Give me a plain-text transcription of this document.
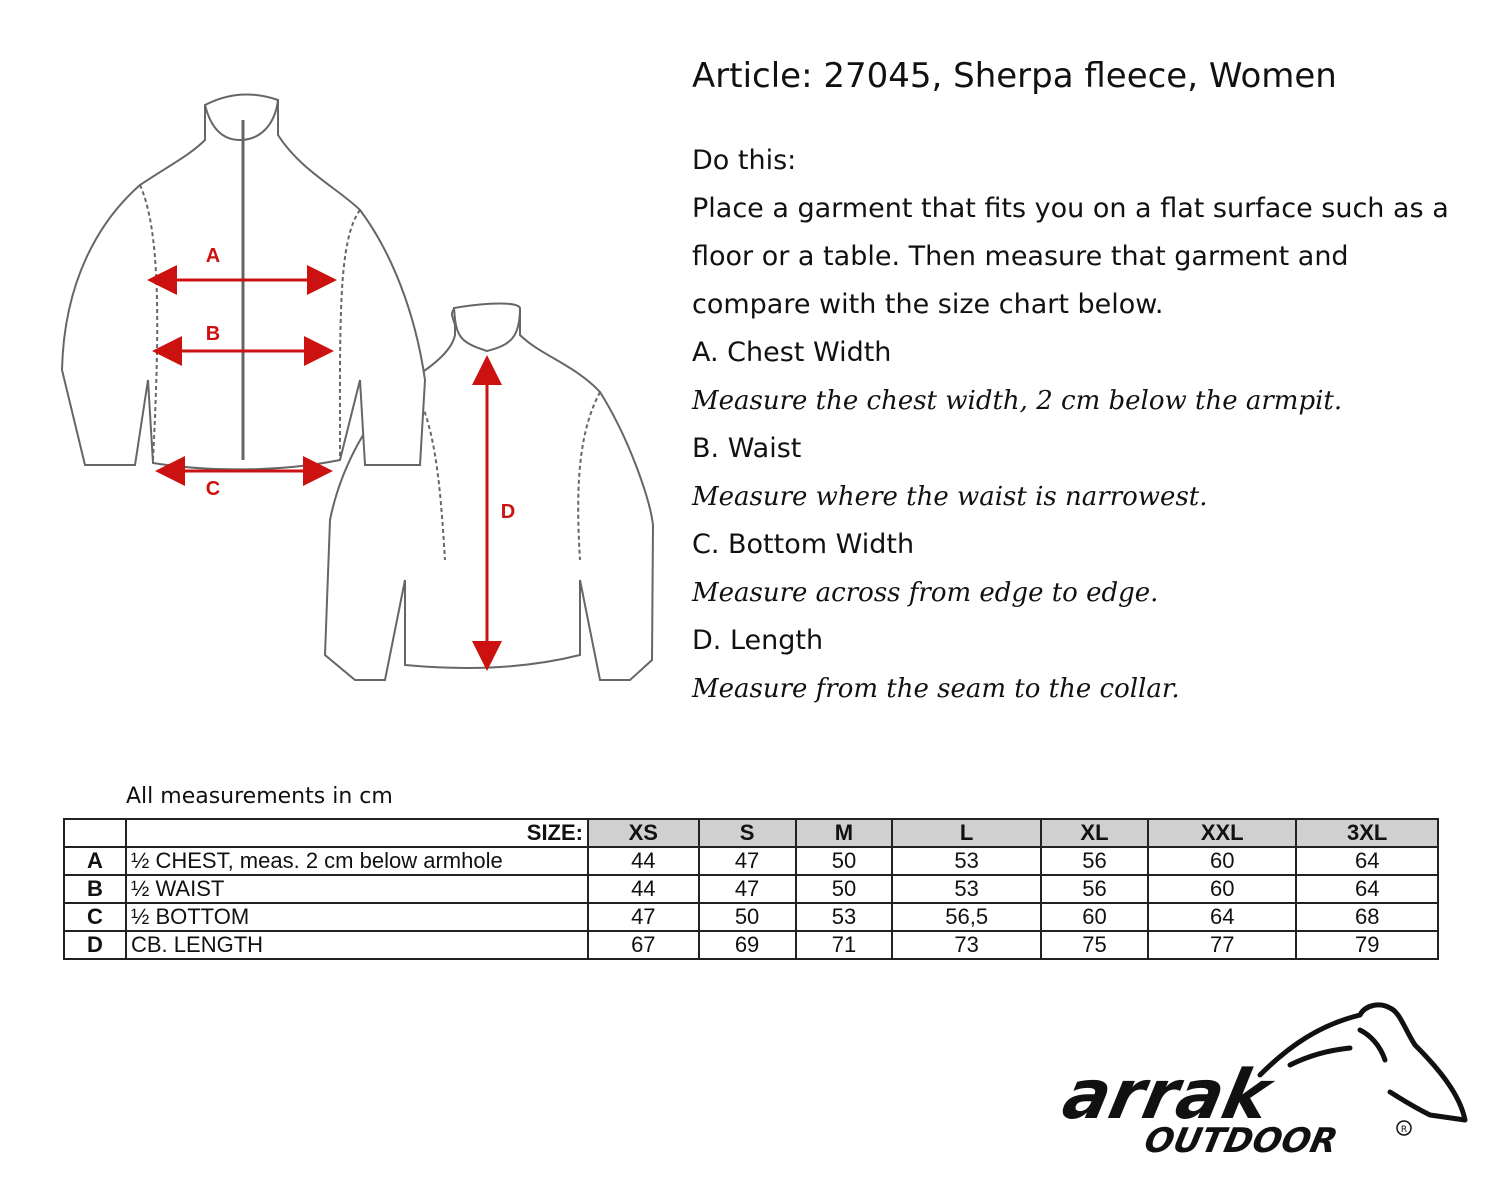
A
B
C
D
Article: 27045, Sherpa fleece, Women
Do this:
Place a garment that fits you on a flat surface such as a floor or a table. Then measure that garment and compare with the size chart below.
A. Chest Width
Measure the chest width, 2 cm below the armpit.
B. Waist
Measure where the waist is narrowest.
C. Bottom Width
Measure across from edge to edge.
D. Length
Measure from the seam to the collar.
All measurements in cm
	SIZE:	XS	S	M	L	XL	XXL	3XL
A	½ CHEST, meas. 2 cm below armhole	44	47	50	53	56	60	64
B	½ WAIST	44	47	50	53	56	60	64
C	½ BOTTOM	47	50	53	56,5	60	64	68
D	CB. LENGTH	67	69	71	73	75	77	79
arrak
OUTDOOR	R
